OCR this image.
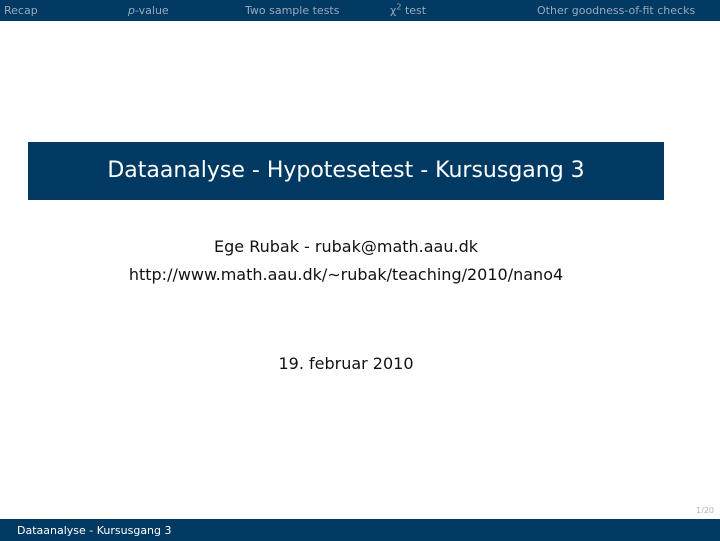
Recap	p-value	Two sample tests	$\chi^2$ test	Other goodness-of-fit checks
Dataanalyse - Hypotesetest - Kursusgang 3
Ege Rubak - rubak@math.aau.dk
http://www.math.aau.dk/∼rubak/teaching/2010/nano4
19. februar 2010
1/20
Dataanalyse - Kursusgang 3
